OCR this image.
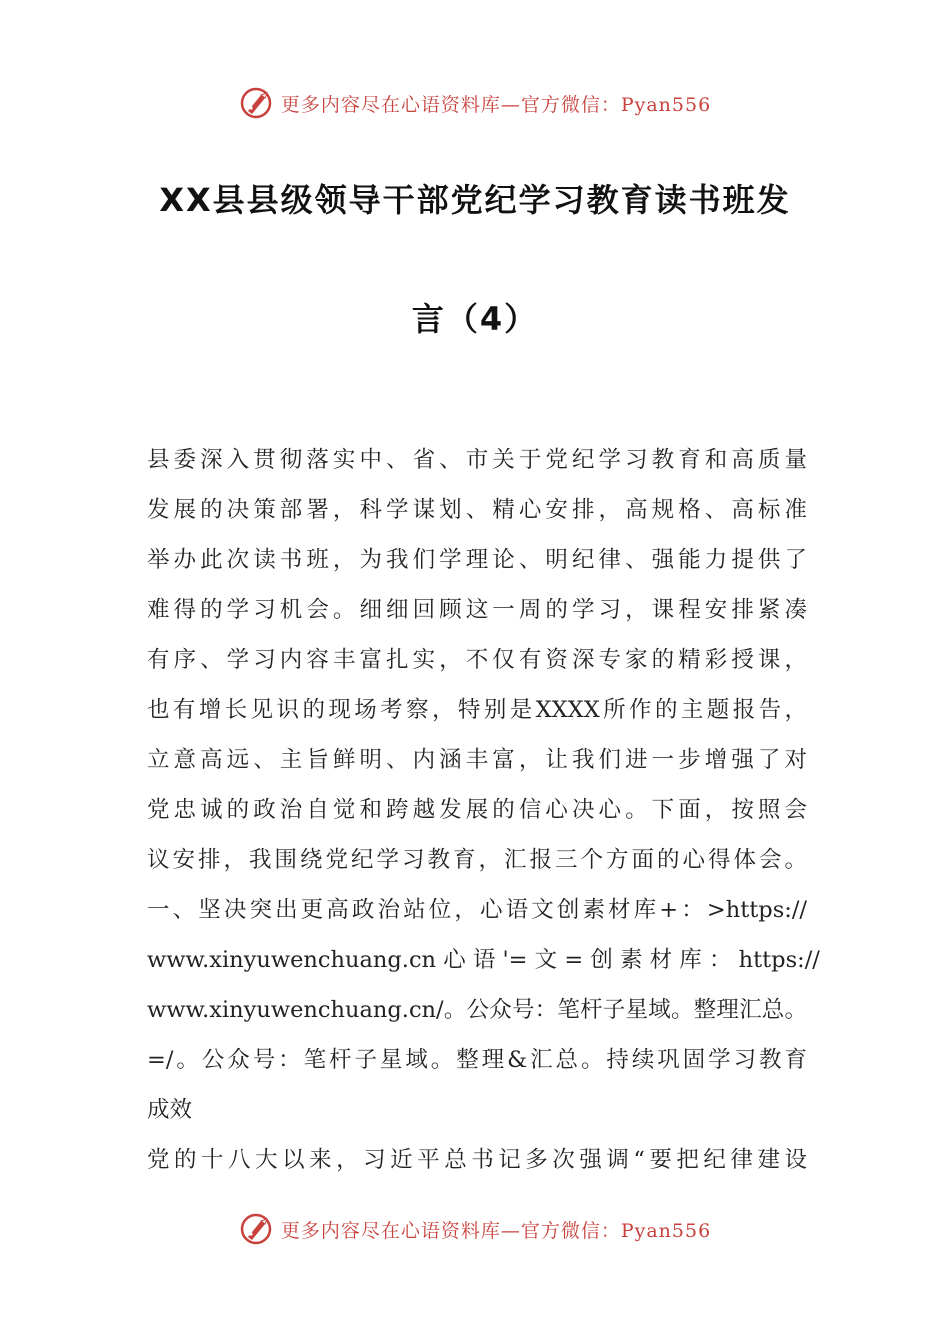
更多内容尽在心语资料库—官方微信：Pyan556
XX县县级领导干部党纪学习教育读书班发
言（4）
县委深入贯彻落实中、省、市关于党纪学习教育和高质量
发展的决策部署，科学谋划、精心安排，高规格、高标准
举办此次读书班，为我们学理论、明纪律、强能力提供了
难得的学习机会。细细回顾这一周的学习，课程安排紧凑
有序、学习内容丰富扎实，不仅有资深专家的精彩授课，
也有增长见识的现场考察，特别是XXXX所作的主题报告，
立意高远、主旨鲜明、内涵丰富，让我们进一步增强了对
党忠诚的政治自觉和跨越发展的信心决心。下面，按照会
议安排，我围绕党纪学习教育，汇报三个方面的心得体会。
一、坚决突出更高政治站位，心语文创素材库+：>https://
www.xinyuwenchuang.cn 心 语 '= 文 = 创 素 材 库 ： https://
www.xinyuwenchuang.cn/。公众号：笔杆子星域。整理汇总。
=/。公众号：笔杆子星域。整理&汇总。持续巩固学习教育
成效
党的十八大以来，习近平总书记多次强调“要把纪律建设
更多内容尽在心语资料库—官方微信：Pyan556
